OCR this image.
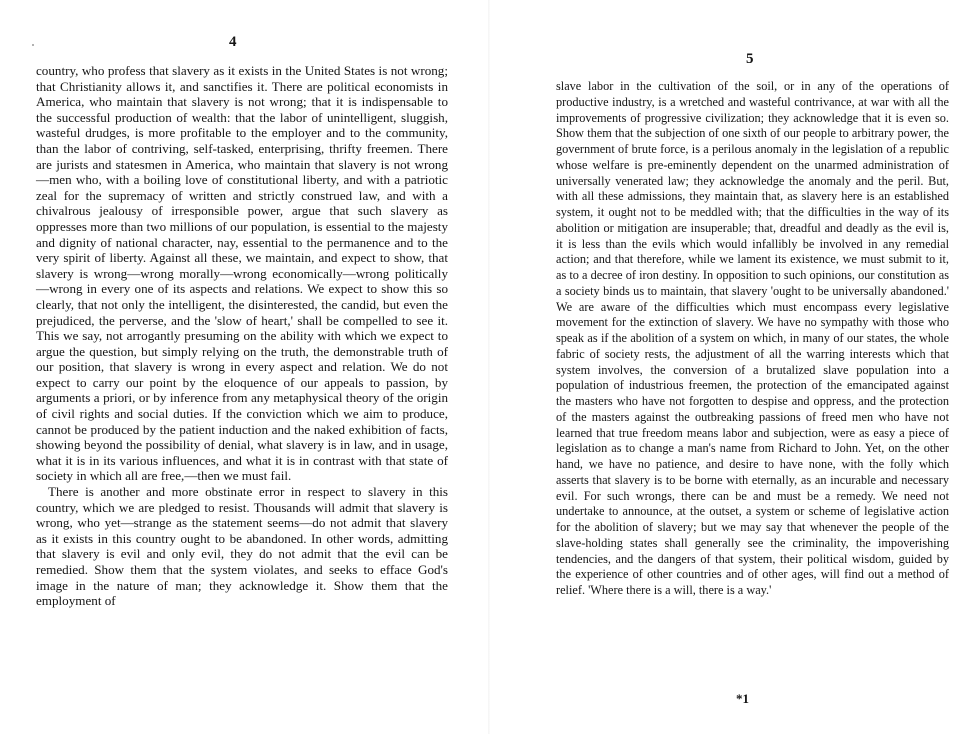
4

country, who profess that slavery as it exists in the United States is not wrong; that Christianity allows it, and sanctifies it. There are political economists in America, who maintain that slavery is not wrong; that it is indispensable to the successful production of wealth: that the labor of unintelligent, sluggish, wasteful drudges, is more profitable to the employer and to the community, than the labor of contriving, self-tasked, enterprising, thrifty freemen. There are jurists and statesmen in America, who maintain that slavery is not wrong—men who, with a boiling love of constitutional liberty, and with a patriotic zeal for the supremacy of written and strictly construed law, and with a chivalrous jealousy of irresponsible power, argue that such slavery as oppresses more than two millions of our population, is essential to the majesty and dignity of national character, nay, essential to the permanence and to the very spirit of liberty. Against all these, we maintain, and expect to show, that slavery is wrong—wrong morally—wrong economically—wrong politically—wrong in every one of its aspects and relations. We expect to show this so clearly, that not only the intelligent, the disinterested, the candid, but even the prejudiced, the perverse, and the 'slow of heart,' shall be compelled to see it. This we say, not arrogantly presuming on the ability with which we expect to argue the question, but simply relying on the truth, the demonstrable truth of our position, that slavery is wrong in every aspect and relation. We do not expect to carry our point by the eloquence of our appeals to passion, by arguments a priori, or by inference from any metaphysical theory of the origin of civil rights and social duties. If the conviction which we aim to produce, cannot be produced by the patient induction and the naked exhibition of facts, showing beyond the possibility of denial, what slavery is in law, and in usage, what it is in its various influences, and what it is in contrast with that state of society in which all are free,—then we must fail.

There is another and more obstinate error in respect to slavery in this country, which we are pledged to resist. Thousands will admit that slavery is wrong, who yet—strange as the statement seems—do not admit that slavery as it exists in this country ought to be abandoned. In other words, admitting that slavery is evil and only evil, they do not admit that the evil can be remedied. Show them that the system violates, and seeks to efface God's image in the nature of man; they acknowledge it. Show them that the employment of

5

slave labor in the cultivation of the soil, or in any of the operations of productive industry, is a wretched and wasteful contrivance, at war with all the improvements of progressive civilization; they acknowledge that it is even so. Show them that the subjection of one sixth of our people to arbitrary power, the government of brute force, is a perilous anomaly in the legislation of a republic whose welfare is pre-eminently dependent on the unarmed administration of universally venerated law; they acknowledge the anomaly and the peril. But, with all these admissions, they maintain that, as slavery here is an established system, it ought not to be meddled with; that the difficulties in the way of its abolition or mitigation are insuperable; that, dreadful and deadly as the evil is, it is less than the evils which would infallibly be involved in any remedial action; and that therefore, while we lament its existence, we must submit to it, as to a decree of iron destiny. In opposition to such opinions, our constitution as a society binds us to maintain, that slavery 'ought to be universally abandoned.' We are aware of the difficulties which must encompass every legislative movement for the extinction of slavery. We have no sympathy with those who speak as if the abolition of a system on which, in many of our states, the whole fabric of society rests, the adjustment of all the warring interests which that system involves, the conversion of a brutalized slave population into a population of industrious freemen, the protection of the emancipated against the masters who have not forgotten to despise and oppress, and the protection of the masters against the outbreaking passions of freed men who have not learned that true freedom means labor and subjection, were as easy a piece of legislation as to change a man's name from Richard to John. Yet, on the other hand, we have no patience, and desire to have none, with the folly which asserts that slavery is to be borne with eternally, as an incurable and necessary evil. For such wrongs, there can be and must be a remedy. We need not undertake to announce, at the outset, a system or scheme of legislative action for the abolition of slavery; but we may say that whenever the people of the slave-holding states shall generally see the criminality, the impoverishing tendencies, and the dangers of that system, their political wisdom, guided by the experience of other countries and of other ages, will find out a method of relief. 'Where there is a will, there is a way.'

*1
